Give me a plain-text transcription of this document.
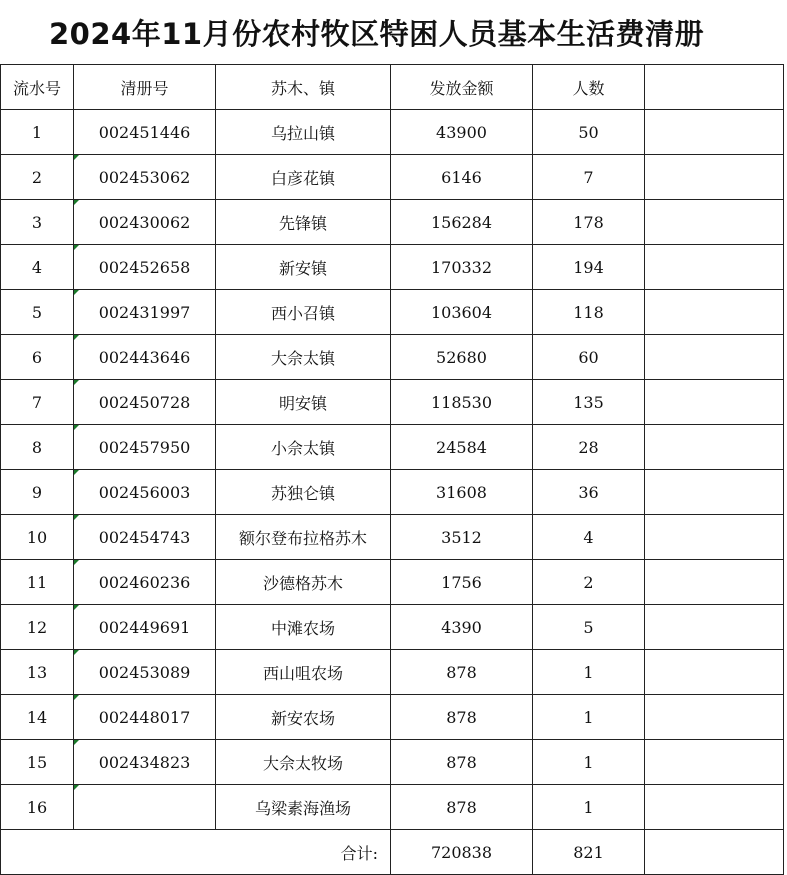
2024年11月份农村牧区特困人员基本生活费清册
流水号	清册号	苏木、镇	发放金额	人数	
1	002451446	乌拉山镇	43900	50	
2	002453062	白彦花镇	6146	7	
3	002430062	先锋镇	156284	178	
4	002452658	新安镇	170332	194	
5	002431997	西小召镇	103604	118	
6	002443646	大佘太镇	52680	60	
7	002450728	明安镇	118530	135	
8	002457950	小佘太镇	24584	28	
9	002456003	苏独仑镇	31608	36	
10	002454743	额尔登布拉格苏木	3512	4	
11	002460236	沙德格苏木	1756	2	
12	002449691	中滩农场	4390	5	
13	002453089	西山咀农场	878	1	
14	002448017	新安农场	878	1	
15	002434823	大佘太牧场	878	1	
16		乌梁素海渔场	878	1	
合计:			720838	821	
